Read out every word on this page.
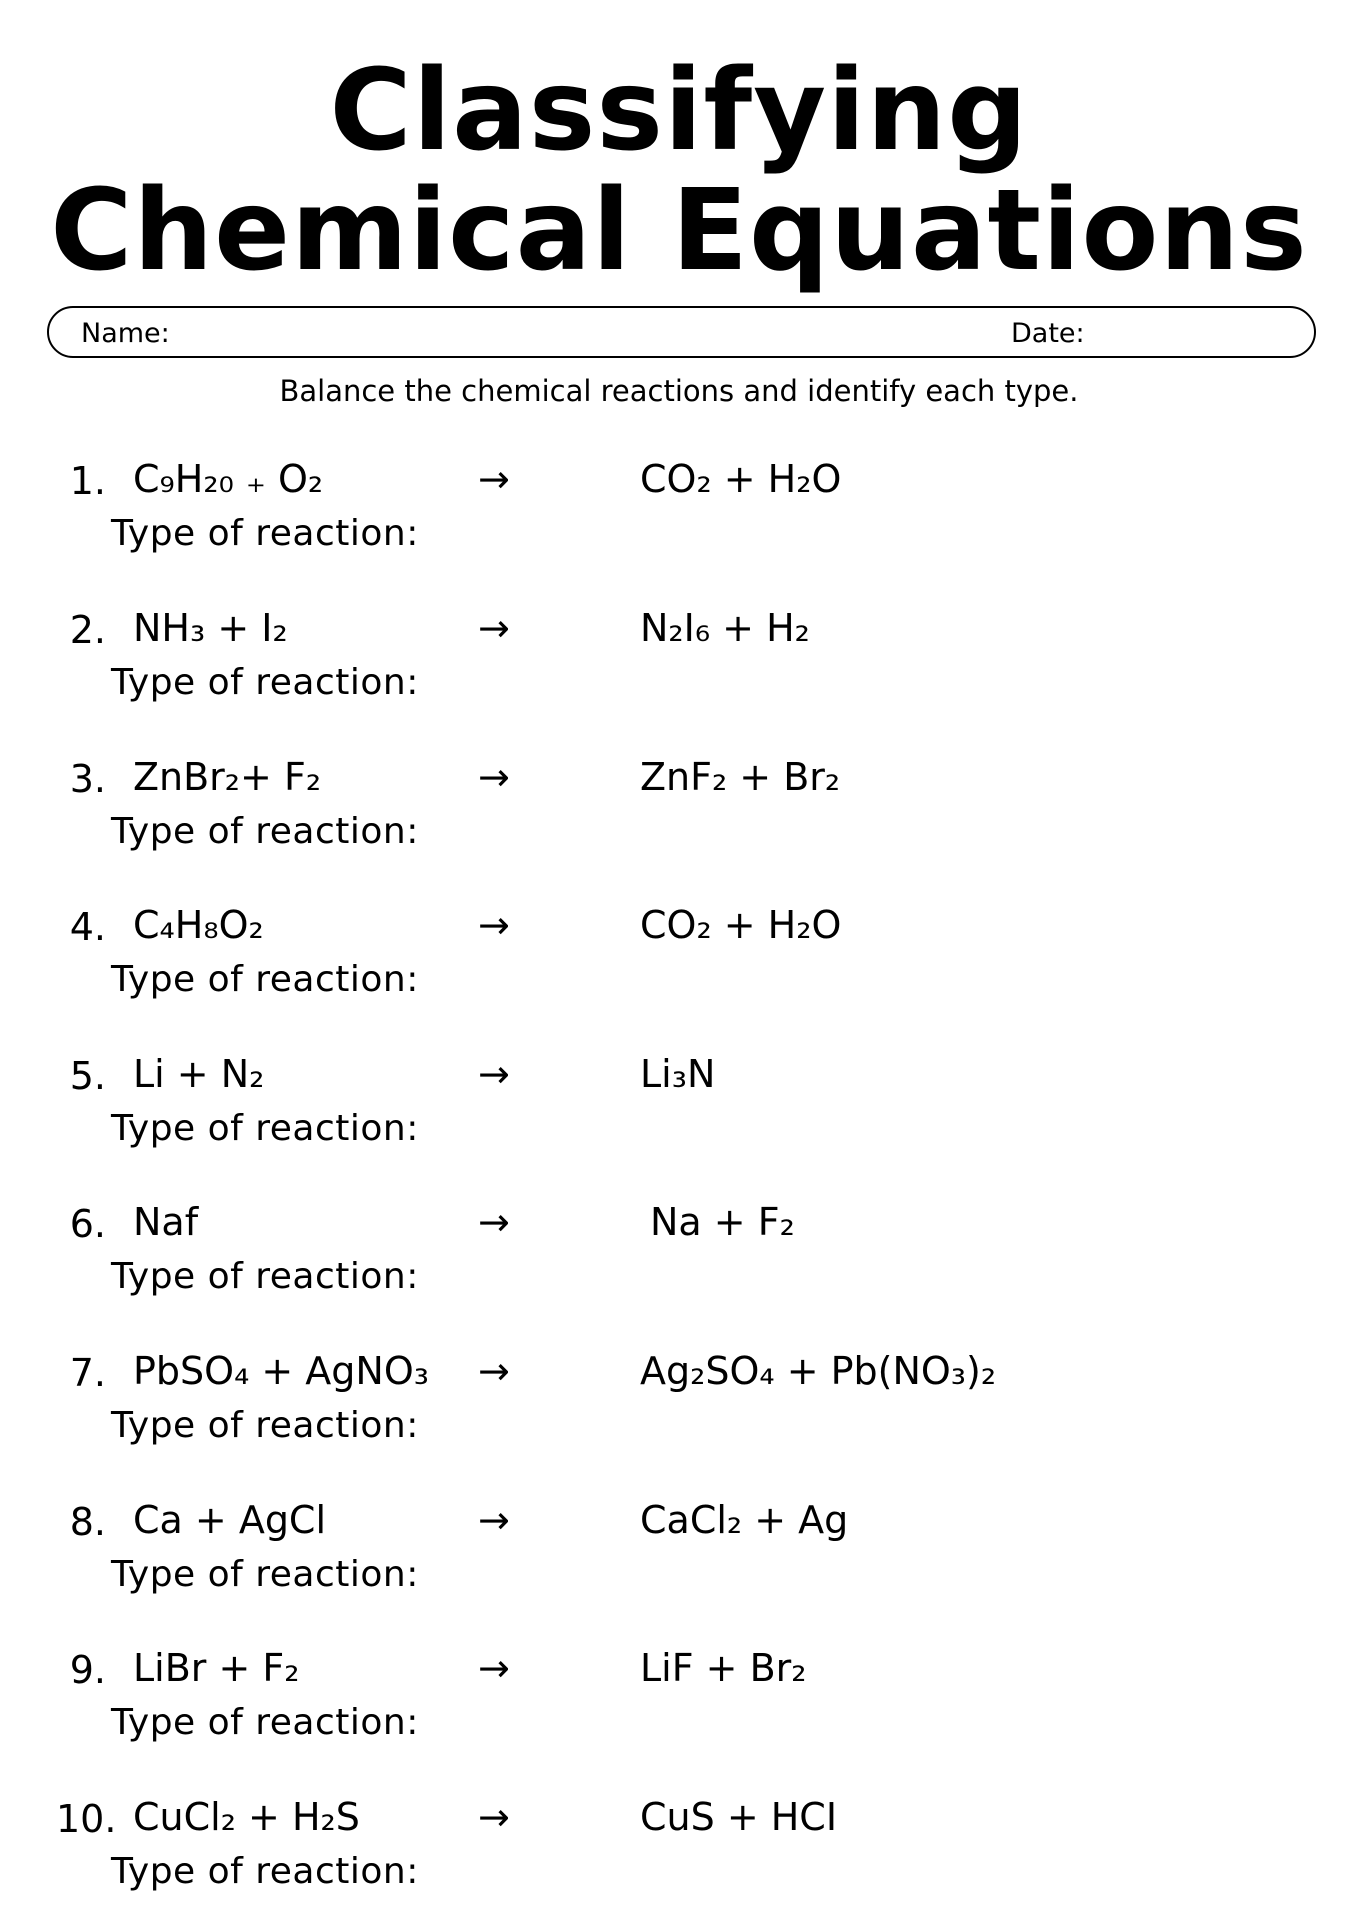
Classifying
Chemical Equations
Name:	Date:
Balance the chemical reactions and identify each type.
1. C₉H₂₀ ₊ O₂	→	CO₂ + H₂O
Type of reaction:
2. NH₃ + I₂	→	N₂I₆ + H₂
Type of reaction:
3. ZnBr₂+ F₂	→	ZnF₂ + Br₂
Type of reaction:
4. C₄H₈O₂	→	CO₂ + H₂O
Type of reaction:
5. Li + N₂	→	Li₃N
Type of reaction:
6. Naf	→	Na + F₂
Type of reaction:
7. PbSO₄ + AgNO₃ →	Ag₂SO₄ + Pb(NO₃)₂
Type of reaction:
8. Ca + AgCl	→	CaCl₂ + Ag
Type of reaction:
9. LiBr + F₂	→	LiF + Br₂
Type of reaction:
10. CuCl₂ + H₂S	→	CuS + HCI
Type of reaction:
